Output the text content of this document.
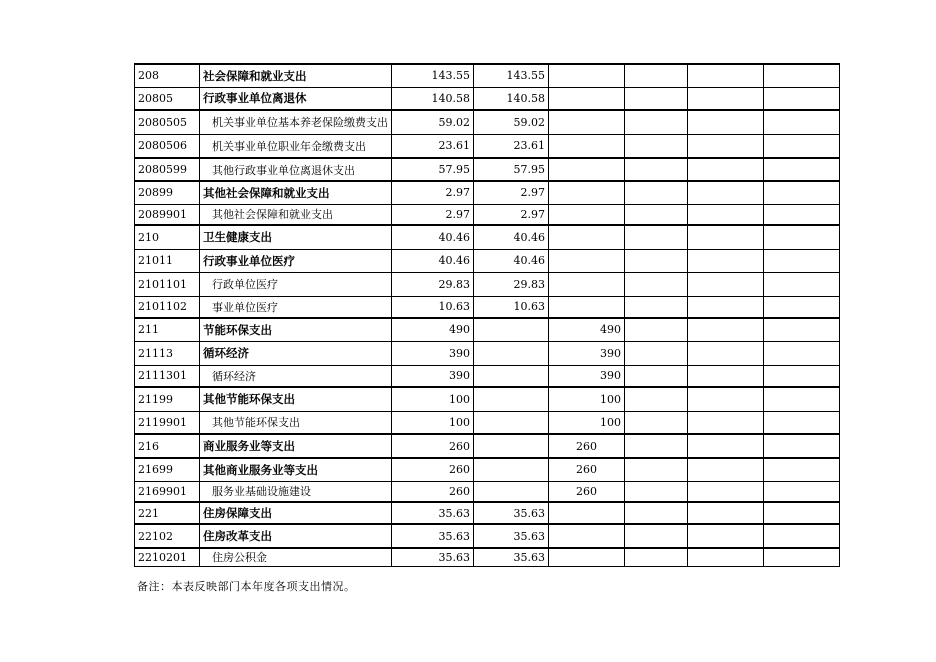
208	社会保障和就业支出	143.55	143.55				
20805	行政事业单位离退休	140.58	140.58				
2080505	机关事业单位基本养老保险缴费支出	59.02	59.02				
2080506	机关事业单位职业年金缴费支出	23.61	23.61				
2080599	其他行政事业单位离退休支出	57.95	57.95				
20899	其他社会保障和就业支出	2.97	2.97				
2089901	其他社会保障和就业支出	2.97	2.97				
210	卫生健康支出	40.46	40.46				
21011	行政事业单位医疗	40.46	40.46				
2101101	行政单位医疗	29.83	29.83				
2101102	事业单位医疗	10.63	10.63				
211	节能环保支出	490		490			
21113	循环经济	390		390			
2111301	循环经济	390		390			
21199	其他节能环保支出	100		100			
2119901	其他节能环保支出	100		100			
216	商业服务业等支出	260		260			
21699	其他商业服务业等支出	260		260			
2169901	服务业基础设施建设	260		260			
221	住房保障支出	35.63	35.63				
22102	住房改革支出	35.63	35.63				
2210201	住房公积金	35.63	35.63				
备注：本表反映部门本年度各项支出情况。
